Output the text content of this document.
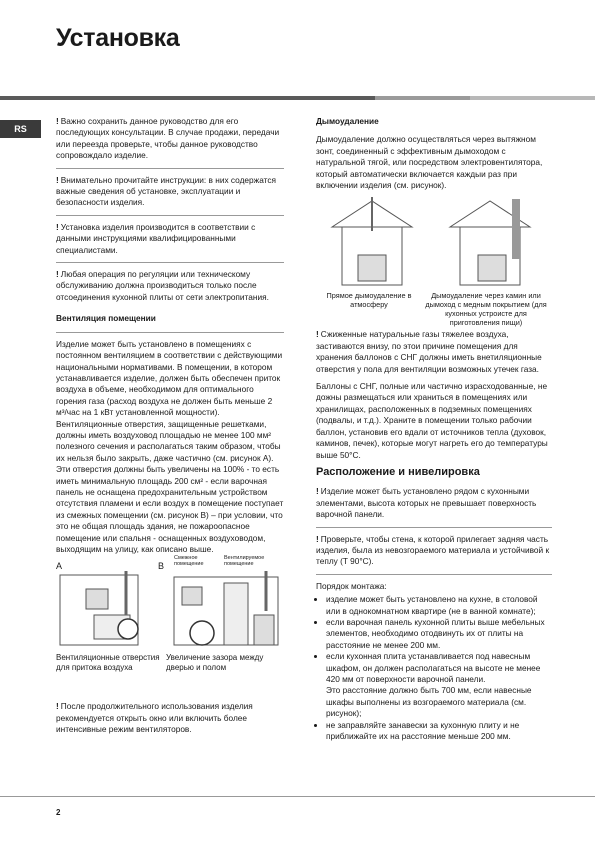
Установка
RS

! Важно сохранить данное руководство для его последующих консультации. В случае продажи, передачи или переезда проверьте, чтобы данное руководство сопровождало изделие.

! Внимательно прочитайте инструкции: в них содержатся важные сведения об установке, эксплуатации и безопасности изделия.

! Установка изделия производится в соответствии с данными инструкциями квалифицированными специалистами.

! Любая операция по регуляции или техническому обслуживанию должна производиться только после отсоединения кухонной плиты от сети электропитания.

Вентиляция помещении

Изделие может быть установлено в помещениях с постоянном вентиляцием в соответствии с действующими национальными нормативами. В помещении, в котором устанавливается изделие, должен быть обеспечен приток воздуха в объеме, необходимом для оптимального горения газа (расход воздуха не должен быть меньше 2 м³/час на 1 кВт установленной мощности). Вентиляционные отверстия, защищенные решетками, должны иметь воздуховод площадью не менее 100 мм² полезного сечения и располагаться таким образом, чтобы их нельзя было закрыть, даже частично (см. рисунок А). Эти отверстия должны быть увеличены на 100% - то есть иметь минимальную площадь 200 см² - если варочная панель не оснащена предохранительным устройством отсутствия пламени и если воздух в помещение поступает из смежных помещении (см. рисунок В) – при условии, что это не общая площадь здания, не пожароопасное помещение или спальня - оснащенных воздуховодом, выходящим на улицу, как описано выше.

A	B
Смежное помещение
Вентилируемое помещение
Вентиляционные отверстия для притока воздуха
Увеличение зазора между дверью и полом

! После продолжительного использования изделия рекомендуется открыть окно или включить более интенсивные режим вентиляторов.

Дымоудаление

Дымоудаление должно осуществляться через вытяжном зонт, соединенный с эффективным дымоходом с натуральной тягой, или посредством электровентилятора, который автоматически включается каждыи раз при включении изделия (см. рисунок).

Прямое дымоудаление в атмосферу
Дымоудаление через камин или дымоход с медным покрытием (для кухонных устроисте для приготовления пищи)

! Сжиженные натуральные газы тяжелее воздуха, застиваются внизу, по этои причине помещения для хранения баллонов с СНГ должны иметь внетиляционные отверстия у пола для вентиляции возможных утечек газа.

Баллоны с СНГ, полные или частично израсходованные, не дожны размещаться или храниться в помещениях или хранилищах, расположенных в подземных помещениях (подвалы, и т.д.). Храните в помещении только рабочии баллон, установив его вдали от источников тепла (духовок, каминов, печек), которые могут нагреть его до температуры выше 50°С.

Расположение и нивелировка

! Изделие может быть установлено рядом с кухонными элементами, высота которых не превышает поверхность варочной панели.

! Проверьте, чтобы стена, к которой прилегает задняя часть изделия, была из невозгораемого материала и устойчивой к теплу (T 90°C).

Порядок монтажа:

• изделие может быть установлено на кухне, в столовой или в однокомнатном квартире (не в ванной комнате);
• если варочная панель кухонной плиты выше мебельных элементов, необходимо отодвинуть их от плиты на расстояние не менее 200 мм.
• если кухонная плита устанавливается под навесным шкафом, он должен располагаться на высоте не менее 420 мм от поверхности варочной панели.
Это расстояние должно быть 700 мм, если навесные шкафы выполнены из возгораемого материала (см. рисунок);
• не заправляйте занавески за кухонную плиту и не приближайте их на расстояние меньше 200 мм.
2
